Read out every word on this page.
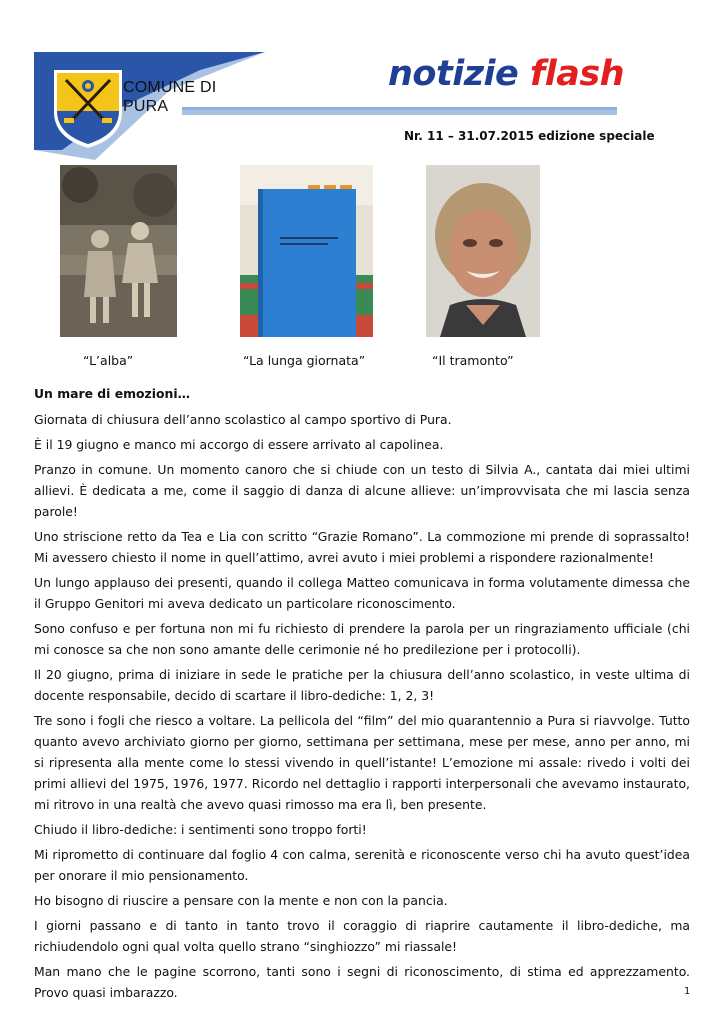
COMUNE DI
PURA
notizie flash
Nr. 11 – 31.07.2015 edizione speciale
“L’alba”	“La lunga giornata”	“Il tramonto”
Un mare di emozioni…

Giornata di chiusura dell’anno scolastico al campo sportivo di Pura.

È il 19 giugno e manco mi accorgo di essere arrivato al capolinea.

Pranzo in comune. Un momento canoro che si chiude con un testo di Silvia A., cantata dai miei ultimi allievi. È dedicata a me, come il saggio di danza di alcune allieve: un’improvvisata che mi lascia senza parole!

Uno striscione retto da Tea e Lia con scritto “Grazie Romano”. La commozione mi prende di soprassalto! Mi avessero chiesto il nome in quell’attimo, avrei avuto i miei problemi a rispondere razionalmente!

Un lungo applauso dei presenti, quando il collega Matteo comunicava in forma volutamente dimessa che il Gruppo Genitori mi aveva dedicato un particolare riconoscimento.

Sono confuso e per fortuna non mi fu richiesto di prendere la parola per un ringraziamento ufficiale (chi mi conosce sa che non sono amante delle cerimonie né ho predilezione per i protocolli).

Il 20 giugno, prima di iniziare in sede le pratiche per la chiusura dell’anno scolastico, in veste ultima di docente responsabile, decido di scartare il libro-dediche: 1, 2, 3!

Tre sono i fogli che riesco a voltare. La pellicola del “film” del mio quarantennio a Pura si riavvolge. Tutto quanto avevo archiviato giorno per giorno, settimana per settimana, mese per mese, anno per anno, mi si ripresenta alla mente come lo stessi vivendo in quell’istante! L’emozione mi assale: rivedo i volti dei primi allievi del 1975, 1976, 1977. Ricordo nel dettaglio i rapporti interpersonali che avevamo instaurato, mi ritrovo in una realtà che avevo quasi rimosso ma era lì, ben presente.

Chiudo il libro-dediche: i sentimenti sono troppo forti!

Mi riprometto di continuare dal foglio 4 con calma, serenità e riconoscente verso chi ha avuto quest’idea per onorare il mio pensionamento.

Ho bisogno di riuscire a pensare con la mente e non con la pancia.

I giorni passano e di tanto in tanto trovo il coraggio di riaprire cautamente il libro-dediche, ma richiudendolo ogni qual volta quello strano “singhiozzo” mi riassale!

Man mano che le pagine scorrono, tanti sono i segni di riconoscimento, di stima ed apprezzamento. Provo quasi imbarazzo.	1
